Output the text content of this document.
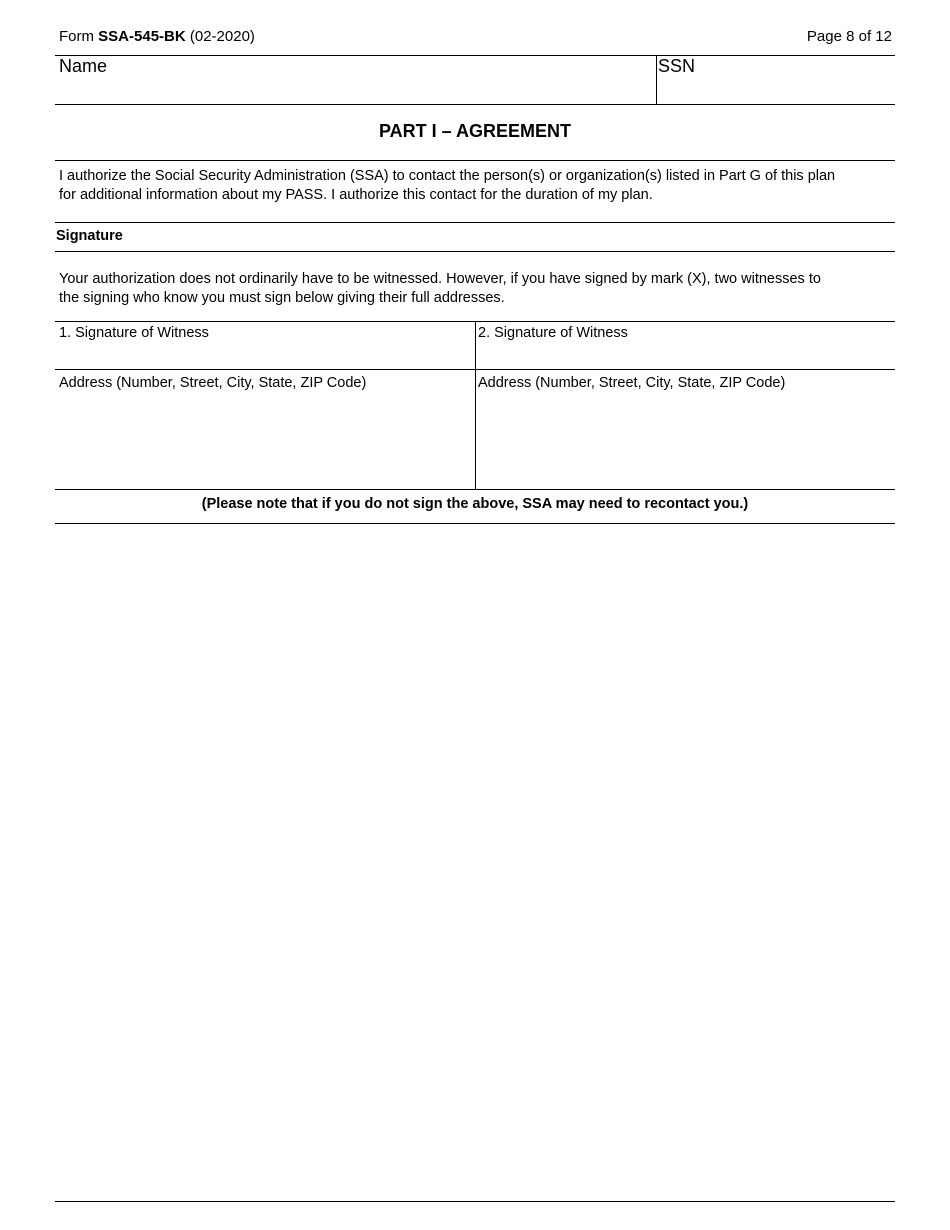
Form SSA-545-BK (02-2020)	Page 8 of 12
Name	SSN
PART I – AGREEMENT
I authorize the Social Security Administration (SSA) to contact the person(s) or organization(s) listed in Part G of this plan
for additional information about my PASS. I authorize this contact for the duration of my plan.
Signature
Your authorization does not ordinarily have to be witnessed. However, if you have signed by mark (X), two witnesses to
the signing who know you must sign below giving their full addresses.
1. Signature of Witness	2. Signature of Witness
Address (Number, Street, City, State, ZIP Code)	Address (Number, Street, City, State, ZIP Code)
(Please note that if you do not sign the above, SSA may need to recontact you.)
